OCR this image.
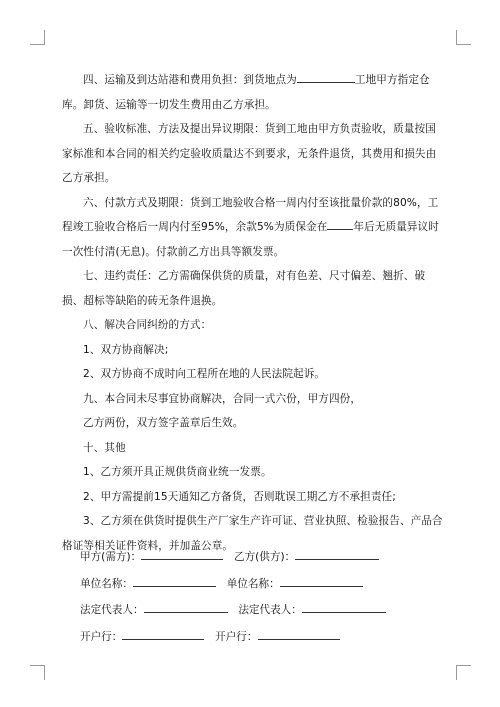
四、运输及到达站港和费用负担：到货地点为	工地甲方指定仓库。卸货、运输等一切发生费用由乙方承担。

五、验收标准、方法及提出异议期限：货到工地由甲方负责验收，质量按国家标准和本合同的相关约定验收质量达不到要求，无条件退货，其费用和损失由乙方承担。

六、付款方式及期限：货到工地验收合格一周内付至该批量价款的80%，工程竣工验收合格后一周内付至95%，余款5%为质保金在 年后无质量异议时一次性付清(无息)。付款前乙方出具等额发票。

七、违约责任：乙方需确保供货的质量，对有色差、尺寸偏差、翘折、破损、超标等缺陷的砖无条件退换。

八、解决合同纠纷的方式：

1、双方协商解决;

2、双方协商不成时向工程所在地的人民法院起诉。

九、本合同未尽事宜协商解决，合同一式六份，甲方四份，

乙方两份，双方签字盖章后生效。

十、其他

1、乙方须开具正规供货商业统一发票。

2、甲方需提前15天通知乙方备货，否则耽误工期乙方不承担责任;

3、乙方须在供货时提供生产厂家生产许可证、营业执照、检验报告、产品合格证等相关证件资料，并加盖公章。

甲方(需方)：	乙方(供方)：
单位名称：	单位名称：
法定代表人：	法定代表人：
开户行：	开户行：
